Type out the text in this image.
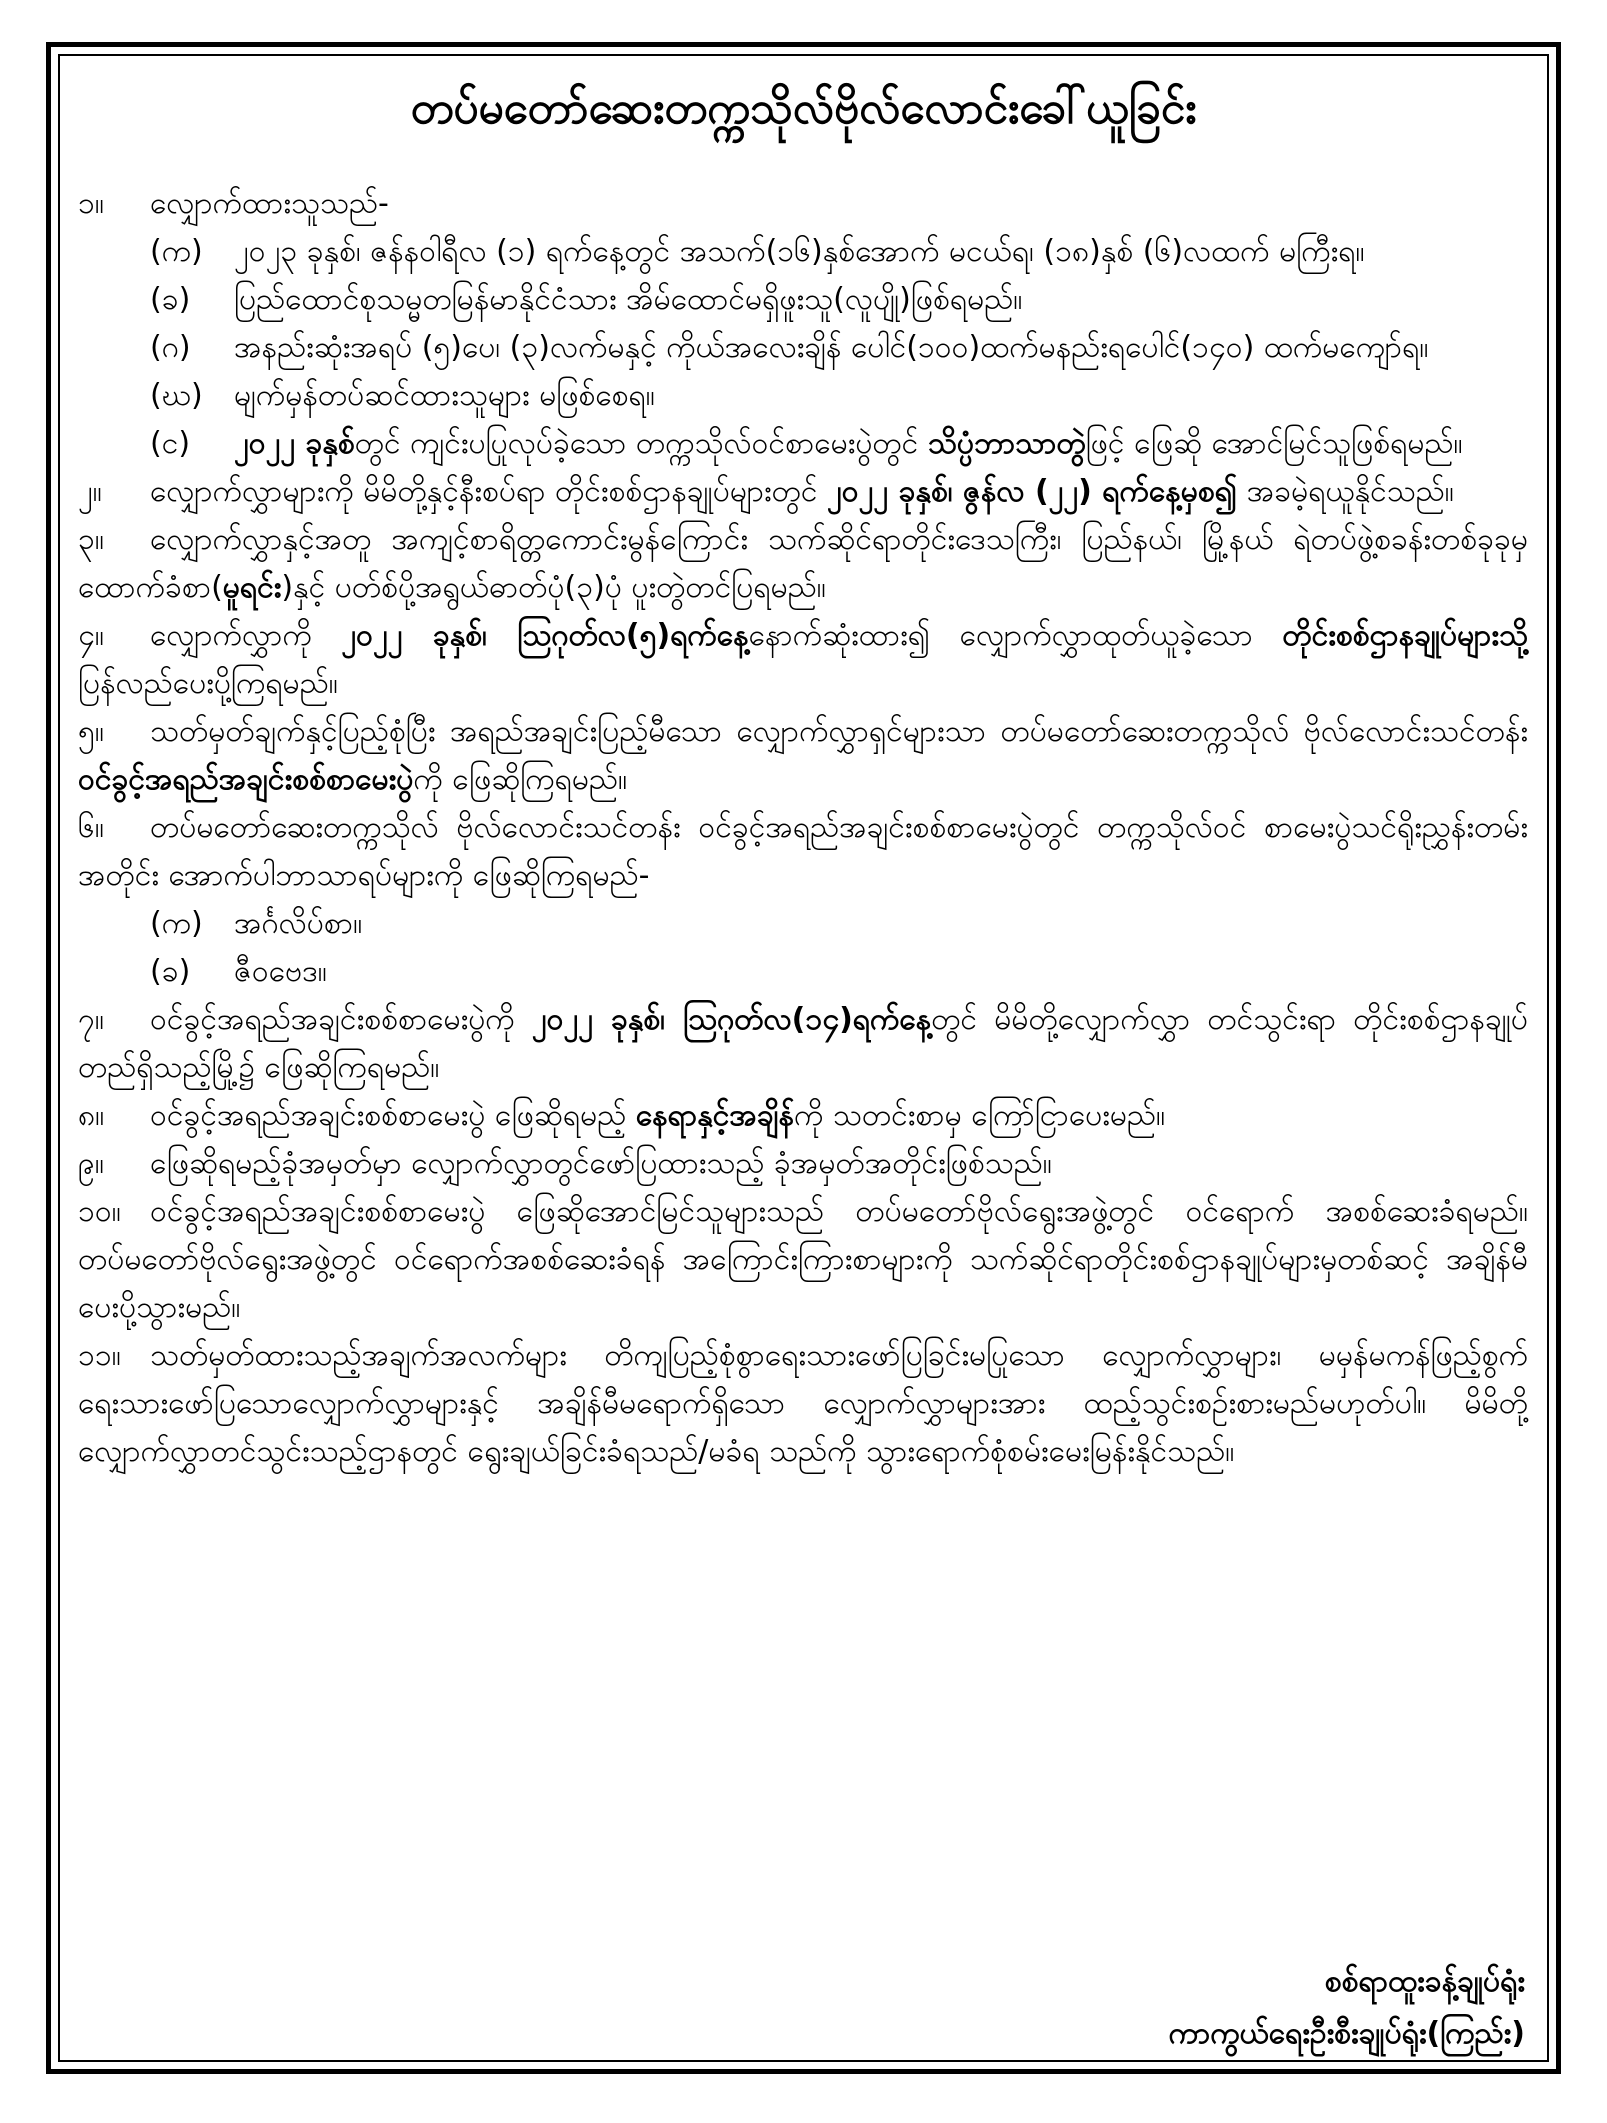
တပ်မတော်ဆေးတက္ကသိုလ်ဗိုလ်လောင်းခေါ်ယူခြင်း

၁။ လျှောက်ထားသူသည်-

(က)	၂၀၂၃ ခုနှစ်၊ ဇန်နဝါရီလ (၁) ရက်နေ့တွင် အသက်(၁၆)နှစ်အောက် မငယ်ရ၊ (၁၈)နှစ် (၆)လထက် မကြီးရ။
(ခ)	ပြည်ထောင်စုသမ္မတမြန်မာနိုင်ငံသား အိမ်ထောင်မရှိဖူးသူ(လူပျို)ဖြစ်ရမည်။
(ဂ)	အနည်းဆုံးအရပ် (၅)ပေ၊ (၃)လက်မနှင့် ကိုယ်အလေးချိန် ပေါင်(၁၀၀)ထက်မနည်းရပေါင်(၁၄၀) ထက်မကျော်ရ။
(ဃ)	မျက်မှန်တပ်ဆင်ထားသူများ မဖြစ်စေရ။
(င)	၂၀၂၂ ခုနှစ်တွင် ကျင်းပပြုလုပ်ခဲ့သော တက္ကသိုလ်ဝင်စာမေးပွဲတွင် သိပ္ပံဘာသာတွဲဖြင့် ဖြေဆို အောင်မြင်သူဖြစ်ရမည်။

၂။ လျှောက်လွှာများကို မိမိတို့နှင့်နီးစပ်ရာ တိုင်းစစ်ဌာနချုပ်များတွင် ၂၀၂၂ ခုနှစ်၊ ဇွန်လ (၂၂) ရက်နေ့မှစ၍ အခမဲ့ရယူနိုင်သည်။

၃။ လျှောက်လွှာနှင့်အတူ အကျင့်စာရိတ္တကောင်းမွန်ကြောင်း သက်ဆိုင်ရာတိုင်းဒေသကြီး၊ ပြည်နယ်၊ မြို့နယ် ရဲတပ်ဖွဲ့စခန်းတစ်ခုခုမှ ထောက်ခံစာ(မူရင်း)နှင့် ပတ်စ်ပို့အရွယ်ဓာတ်ပုံ(၃)ပုံ ပူးတွဲတင်ပြရမည်။

၄။ လျှောက်လွှာကို ၂၀၂၂ ခုနှစ်၊ ဩဂုတ်လ(၅)ရက်နေ့နောက်ဆုံးထား၍ လျှောက်လွှာထုတ်ယူခဲ့သော တိုင်းစစ်ဌာနချုပ်များသို့ ပြန်လည်ပေးပို့ကြရမည်။

၅။ သတ်မှတ်ချက်နှင့်ပြည့်စုံပြီး အရည်အချင်းပြည့်မီသော လျှောက်လွှာရှင်များသာ တပ်မတော်ဆေးတက္ကသိုလ် ဗိုလ်လောင်းသင်တန်း ဝင်ခွင့်အရည်အချင်းစစ်စာမေးပွဲကို ဖြေဆိုကြရမည်။

၆။ တပ်မတော်ဆေးတက္ကသိုလ် ဗိုလ်လောင်းသင်တန်း ဝင်ခွင့်အရည်အချင်းစစ်စာမေးပွဲတွင် တက္ကသိုလ်ဝင် စာမေးပွဲသင်ရိုးညွှန်းတမ်းအတိုင်း အောက်ပါဘာသာရပ်များကို ဖြေဆိုကြရမည်-

(က)	အင်္ဂလိပ်စာ။
(ခ)	ဇီဝဗေဒ။

၇။ ဝင်ခွင့်အရည်အချင်းစစ်စာမေးပွဲကို ၂၀၂၂ ခုနှစ်၊ ဩဂုတ်လ(၁၄)ရက်နေ့တွင် မိမိတို့လျှောက်လွှာ တင်သွင်းရာ တိုင်းစစ်ဌာနချုပ်တည်ရှိသည့်မြို့၌ ဖြေဆိုကြရမည်။

၈။ ဝင်ခွင့်အရည်အချင်းစစ်စာမေးပွဲ ဖြေဆိုရမည့် နေရာနှင့်အချိန်ကို သတင်းစာမှ ကြော်ငြာပေးမည်။

၉။ ဖြေဆိုရမည့်ခုံအမှတ်မှာ လျှောက်လွှာတွင်ဖော်ပြထားသည့် ခုံအမှတ်အတိုင်းဖြစ်သည်။

၁၀။ ဝင်ခွင့်အရည်အချင်းစစ်စာမေးပွဲ ဖြေဆိုအောင်မြင်သူများသည် တပ်မတော်ဗိုလ်ရွေးအဖွဲ့တွင် ဝင်ရောက် အစစ်ဆေးခံရမည်။ တပ်မတော်ဗိုလ်ရွေးအဖွဲ့တွင် ဝင်ရောက်အစစ်ဆေးခံရန် အကြောင်းကြားစာများကို သက်ဆိုင်ရာတိုင်းစစ်ဌာနချုပ်များမှတစ်ဆင့် အချိန်မီပေးပို့သွားမည်။

၁၁။ သတ်မှတ်ထားသည့်အချက်အလက်များ တိကျပြည့်စုံစွာရေးသားဖော်ပြခြင်းမပြုသော လျှောက်လွှာများ၊ မမှန်မကန်ဖြည့်စွက်ရေးသားဖော်ပြသောလျှောက်လွှာများနှင့် အချိန်မီမရောက်ရှိသော လျှောက်လွှာများအား ထည့်သွင်းစဉ်းစားမည်မဟုတ်ပါ။ မိမိတို့ လျှောက်လွှာတင်သွင်းသည့်ဌာနတွင် ရွေးချယ်ခြင်းခံရသည်/မခံရ သည်ကို သွားရောက်စုံစမ်းမေးမြန်းနိုင်သည်။

စစ်ရာထူးခန့်ချုပ်ရုံး
ကာကွယ်ရေးဦးစီးချုပ်ရုံး(ကြည်း)
